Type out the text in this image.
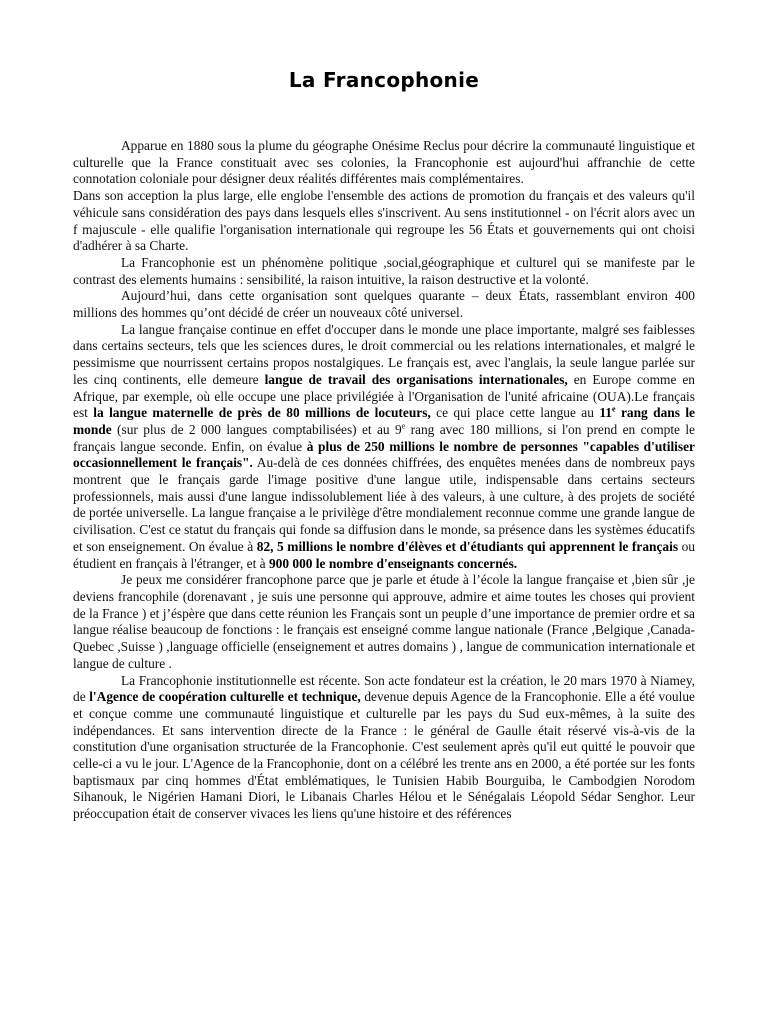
La Francophonie

Apparue en 1880 sous la plume du géographe Onésime Reclus pour décrire la communauté linguistique et culturelle que la France constituait avec ses colonies, la Francophonie est aujourd'hui affranchie de cette connotation coloniale pour désigner deux réalités différentes mais complémentaires.

Dans son acception la plus large, elle englobe l'ensemble des actions de promotion du français et des valeurs qu'il véhicule sans considération des pays dans lesquels elles s'inscrivent. Au sens institutionnel - on l'écrit alors avec un f majuscule - elle qualifie l'organisation internationale qui regroupe les 56 États et gouvernements qui ont choisi d'adhérer à sa Charte.

La Francophonie est un phénomène politique ,social,géographique et culturel qui se manifeste par le contrast des elements humains : sensibilité, la raison intuitive, la raison destructive et la volonté.

Aujourd’hui, dans cette organisation sont quelques quarante – deux États, rassemblant environ 400 millions des hommes qu’ont décidé de créer un nouveaux côté universel.

La langue française continue en effet d'occuper dans le monde une place importante, malgré ses faiblesses dans certains secteurs, tels que les sciences dures, le droit commercial ou les relations internationales, et malgré le pessimisme que nourrissent certains propos nostalgiques. Le français est, avec l'anglais, la seule langue parlée sur les cinq continents, elle demeure langue de travail des organisations internationales, en Europe comme en Afrique, par exemple, où elle occupe une place privilégiée à l'Organisation de l'unité africaine (OUA).Le français est la langue maternelle de près de 80 millions de locuteurs, ce qui place cette langue au 11e rang dans le monde (sur plus de 2 000 langues comptabilisées) et au 9e rang avec 180 millions, si l'on prend en compte le français langue seconde. Enfin, on évalue à plus de 250 millions le nombre de personnes "capables d'utiliser occasionnellement le français". Au-delà de ces données chiffrées, des enquêtes menées dans de nombreux pays montrent que le français garde l'image positive d'une langue utile, indispensable dans certains secteurs professionnels, mais aussi d'une langue indissolublement liée à des valeurs, à une culture, à des projets de société de portée universelle. La langue française a le privilège d'être mondialement reconnue comme une grande langue de civilisation. C'est ce statut du français qui fonde sa diffusion dans le monde, sa présence dans les systèmes éducatifs et son enseignement. On évalue à 82, 5 millions le nombre d'élèves et d'étudiants qui apprennent le français ou étudient en français à l'étranger, et à 900 000 le nombre d'enseignants concernés.

Je peux me considérer francophone parce que je parle et étude à l’école la langue française et ,bien sûr ,je deviens francophile (dorenavant , je suis une personne qui approuve, admire et aime toutes les choses qui provient de la France ) et j’éspère que dans cette réunion les Français sont un peuple d’une importance de premier ordre et sa langue réalise beaucoup de fonctions : le français est enseigné comme langue nationale (France ,Belgique ,Canada-Quebec ,Suisse ) ,language officielle (enseignement et autres domains ) , langue de communication internationale et langue de culture .

La Francophonie institutionnelle est récente. Son acte fondateur est la création, le 20 mars 1970 à Niamey, de l'Agence de coopération culturelle et technique, devenue depuis Agence de la Francophonie. Elle a été voulue et conçue comme une communauté linguistique et culturelle par les pays du Sud eux-mêmes, à la suite des indépendances. Et sans intervention directe de la France : le général de Gaulle était réservé vis-à-vis de la constitution d'une organisation structurée de la Francophonie. C'est seulement après qu'il eut quitté le pouvoir que celle-ci a vu le jour. L'Agence de la Francophonie, dont on a célébré les trente ans en 2000, a été portée sur les fonts baptismaux par cinq hommes d'État emblématiques, le Tunisien Habib Bourguiba, le Cambodgien Norodom Sihanouk, le Nigérien Hamani Diori, le Libanais Charles Hélou et le Sénégalais Léopold Sédar Senghor. Leur préoccupation était de conserver vivaces les liens qu'une histoire et des références
